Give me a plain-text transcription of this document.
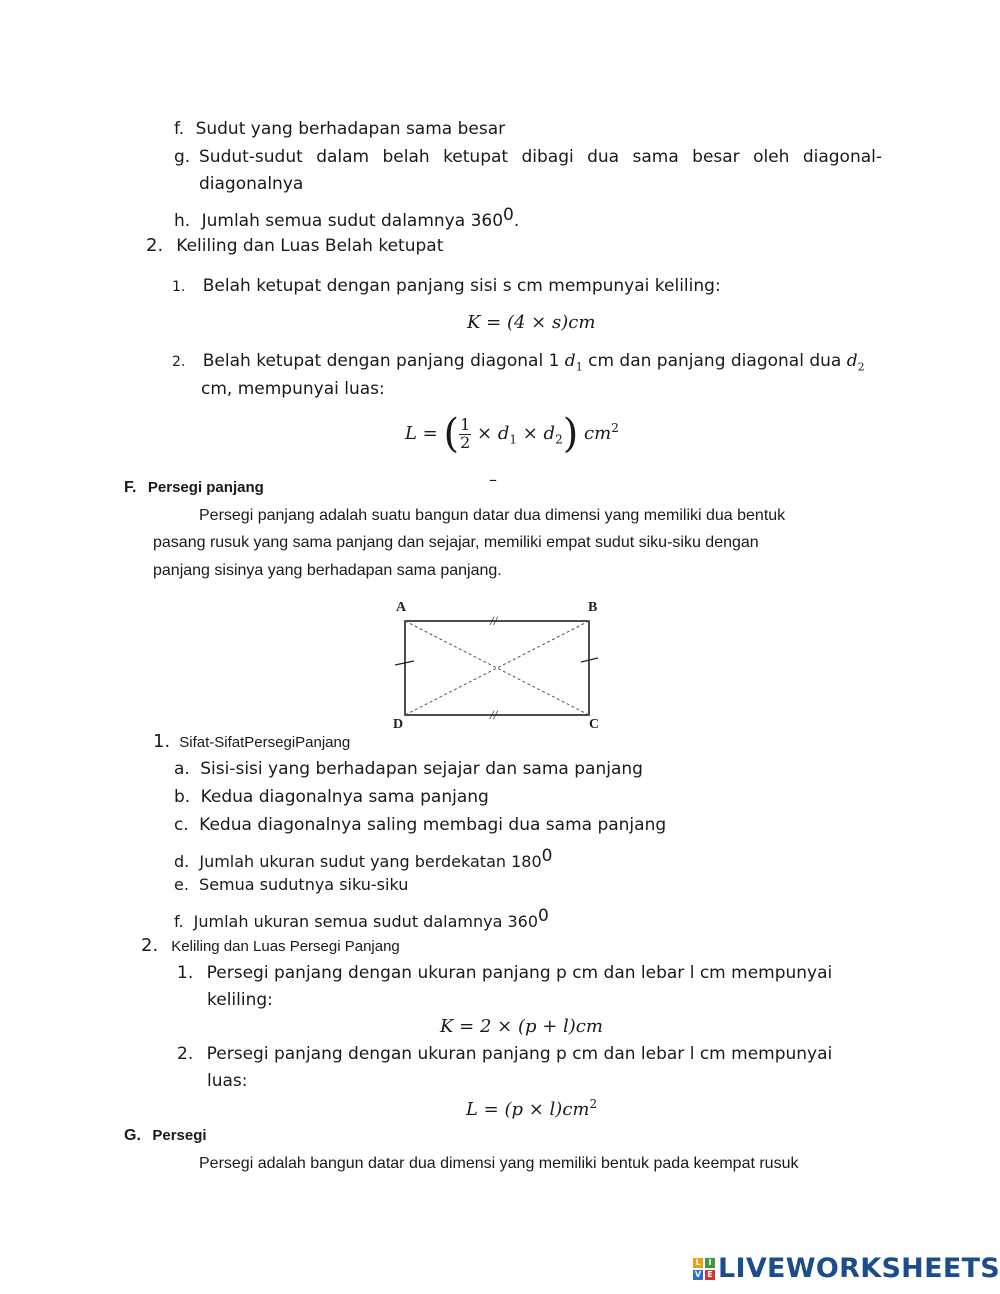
f. Sudut yang berhadapan sama besar
g. Sudut-sudut dalam belah ketupat dibagi dua sama besar oleh diagonal-
diagonalnya
h. Jumlah semua sudut dalamnya 3600.
2. Keliling dan Luas Belah ketupat
1. Belah ketupat dengan panjang sisi s cm mempunyai keliling:
K = (4 × s)cm
2. Belah ketupat dengan panjang diagonal 1 $d_1$ cm dan panjang diagonal dua $d_2$
cm, mempunyai luas:
L = ( $\frac{1}{2} \times d_1 \times d_2$) $cm^2$
–
F. Persegi panjang
Persegi panjang adalah suatu bangun datar dua dimensi yang memiliki dua bentuk
pasang rusuk yang sama panjang dan sejajar, memiliki empat sudut siku-siku dengan
panjang sisinya yang berhadapan sama panjang.
//
//
A	B
D	C
1. Sifat-SifatPersegiPanjang
a. Sisi-sisi yang berhadapan sejajar dan sama panjang
b. Kedua diagonalnya sama panjang
c. Kedua diagonalnya saling membagi dua sama panjang
d. Jumlah ukuran sudut yang berdekatan 1800
e. Semua sudutnya siku-siku
f. Jumlah ukuran semua sudut dalamnya 3600
2. Keliling dan Luas Persegi Panjang
1. Persegi panjang dengan ukuran panjang p cm dan lebar l cm mempunyai
keliling:
K = 2 × (p + l)cm
2. Persegi panjang dengan ukuran panjang p cm dan lebar l cm mempunyai
luas:
$L = (p \times l)cm^2$
G. Persegi
Persegi adalah bangun datar dua dimensi yang memiliki bentuk pada keempat rusuk
L I
V E LIVEWORKSHEETS
